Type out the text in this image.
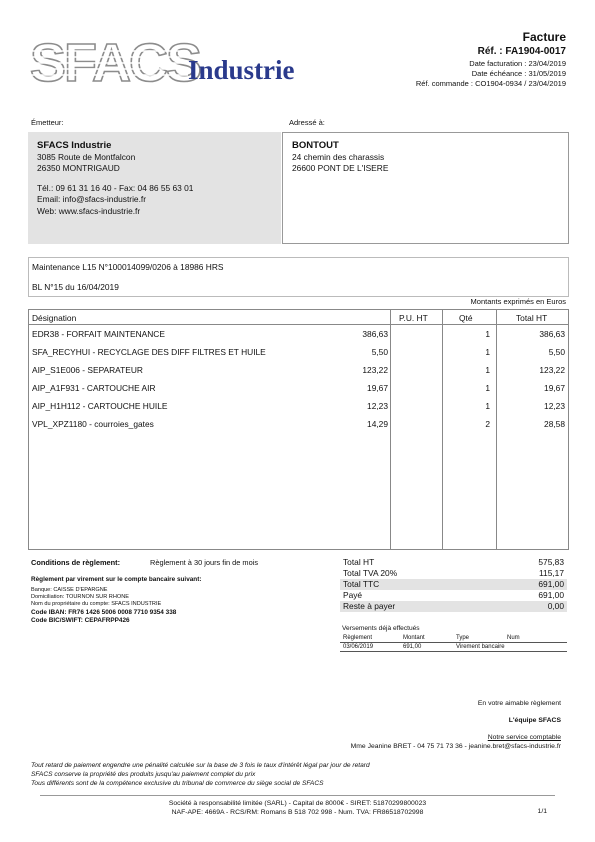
SFACS
Industrie
Facture
Réf. : FA1904-0017
Date facturation : 23/04/2019
Date échéance : 31/05/2019
Réf. commande : CO1904-0934 / 23/04/2019
Émetteur:
SFACS Industrie
3085 Route de Montfalcon
26350 MONTRIGAUD

Tél.: 09 61 31 16 40 - Fax: 04 86 55 63 01
Email: info@sfacs-industrie.fr
Web: www.sfacs-industrie.fr
Adressé à:
BONTOUT
24 chemin des charassis
26600 PONT DE L'ISERE
Maintenance L15 N°100014099/0206 à 18986 HRS
BL N°15 du 16/04/2019
Montants exprimés en Euros
Désignation	P.U. HT	Qté	Total HT
EDR38 - FORFAIT MAINTENANCE	386,63	1	386,63
SFA_RECYHUI - RECYCLAGE DES DIFF FILTRES ET HUILE	5,50	1	5,50
AIP_S1E006 - SEPARATEUR	123,22	1	123,22
AIP_A1F931 - CARTOUCHE AIR	19,67	1	19,67
AIP_H1H112 - CARTOUCHE HUILE	12,23	1	12,23
VPL_XPZ1180 - courroies_gates	14,29	2	28,58
Conditions de règlement:	Règlement à 30 jours fin de mois
Règlement par virement sur le compte bancaire suivant:
Banque: CAISSE D'EPARGNE
Domiciliation: TOURNON SUR RHONE
Nom du propriétaire du compte: SFACS INDUSTRIE
Code IBAN: FR76 1426 5006 0008 7710 9354 338
Code BIC/SWIFT: CEPAFRPP426
Total HT	575,83
Total TVA 20%	115,17
Total TTC	691,00
Payé	691,00
Reste à payer	0,00
Versements déjà effectués
Règlement	Montant	Type	Num
03/06/2019	691,00	Virement bancaire
En votre aimable règlement
L'équipe SFACS
Notre service comptable
Mme Jeanine BRET - 04 75 71 73 36 - jeanine.bret@sfacs-industrie.fr
Tout retard de paiement engendre une pénalité calculée sur la base de 3 fois le taux d'intérêt légal par jour de retard
SFACS conserve la propriété des produits jusqu'au paiement complet du prix
Tous différents sont de la compétence exclusive du tribunal de commerce du siège social de SFACS
Société à responsabilité limitée (SARL) - Capital de 8000€ - SIRET: 51870299800023
NAF-APE: 4669A - RCS/RM: Romans B 518 702 998 - Num. TVA: FR86518702998	1/1
